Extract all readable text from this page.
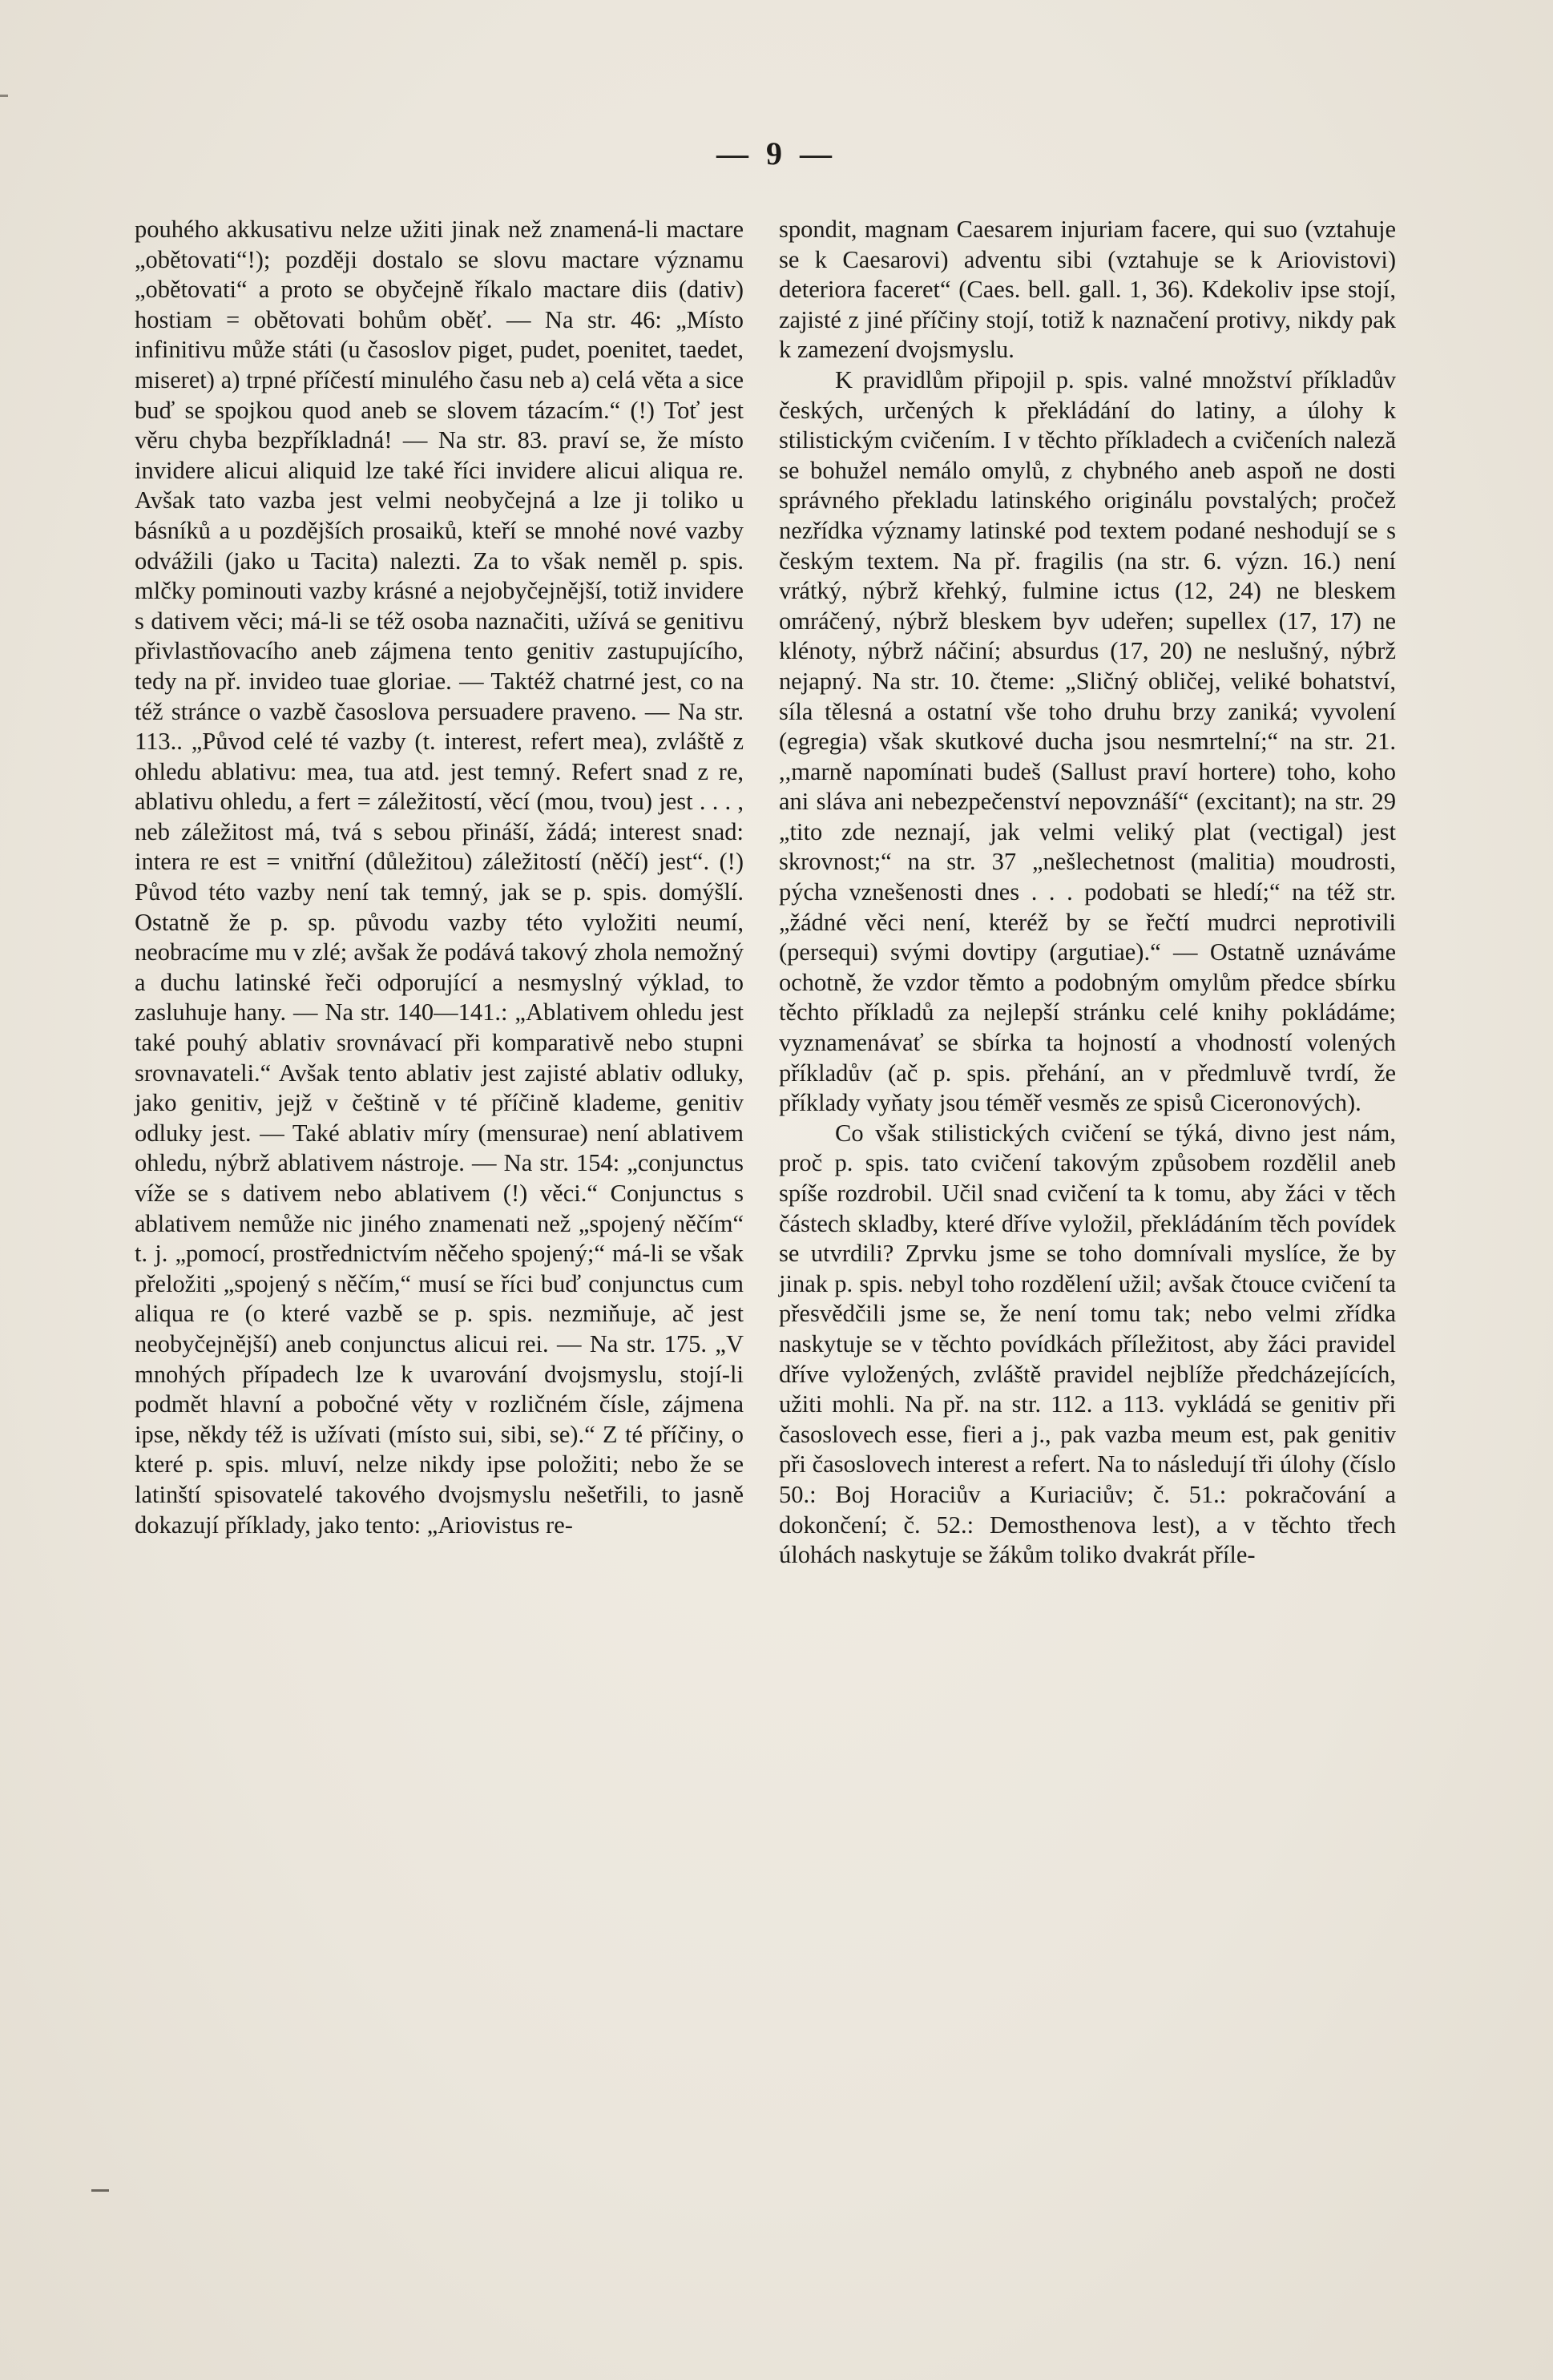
— 9 —

pouhého akkusativu nelze užiti jinak než znamená-li mactare „obětovati“!); později dostalo se slovu mactare významu „obětovati“ a proto se obyčejně říkalo mactare diis (dativ) hostiam = obětovati bohům oběť. — Na str. 46: „Místo infinitivu může státi (u časoslov piget, pudet, poenitet, taedet, miseret) a) trpné příčestí minulého času neb a) celá věta a sice buď se spojkou quod aneb se slovem tázacím.“ (!) Toť jest věru chyba bezpříkladná! — Na str. 83. praví se, že místo invidere alicui aliquid lze také říci invidere alicui aliqua re. Avšak tato vazba jest velmi neobyčejná a lze ji toliko u básníků a u pozdějších prosaiků, kteří se mnohé nové vazby odvážili (jako u Tacita) nalezti. Za to však neměl p. spis. mlčky pominouti vazby krásné a nejobyčejnější, totiž invidere s dativem věci; má-li se též osoba naznačiti, užívá se genitivu přivlastňovacího aneb zájmena tento genitiv zastupujícího, tedy na př. invideo tuae gloriae. — Taktéž chatrné jest, co na též stránce o vazbě časoslova persuadere praveno. — Na str. 113.. „Původ celé té vazby (t. interest, refert mea), zvláště z ohledu ablativu: mea, tua atd. jest temný. Refert snad z re, ablativu ohledu, a fert = záležitostí, věcí (mou, tvou) jest . . . , neb záležitost má, tvá s sebou přináší, žádá; interest snad: intera re est = vnitřní (důležitou) záležitostí (něčí) jest“. (!) Původ této vazby není tak temný, jak se p. spis. domýšlí. Ostatně že p. sp. původu vazby této vyložiti neumí, neobracíme mu v zlé; avšak že podává takový zhola nemožný a duchu latinské řeči odporující a nesmyslný výklad, to zasluhuje hany. — Na str. 140—141.: „Ablativem ohledu jest také pouhý ablativ srovnávací při komparativě nebo stupni srovnavateli.“ Avšak tento ablativ jest zajisté ablativ odluky, jako genitiv, jejž v češtině v té příčině klademe, genitiv odluky jest. — Také ablativ míry (mensurae) není ablativem ohledu, nýbrž ablativem nástroje. — Na str. 154: „conjunctus víže se s dativem nebo ablativem (!) věci.“ Conjunctus s ablativem nemůže nic jiného znamenati než „spojený něčím“ t. j. „pomocí, prostřednictvím něčeho spojený;“ má-li se však přeložiti „spojený s něčím,“ musí se říci buď conjunctus cum aliqua re (o které vazbě se p. spis. nezmiňuje, ač jest neobyčejnější) aneb conjunctus alicui rei. — Na str. 175. „V mnohých případech lze k uvarování dvojsmyslu, stojí-li podmět hlavní a pobočné věty v rozličném čísle, zájmena ipse, někdy též is užívati (místo sui, sibi, se).“ Z té příčiny, o které p. spis. mluví, nelze nikdy ipse položiti; nebo že se latinští spisovatelé takového dvojsmyslu nešetřili, to jasně dokazují příklady, jako tento: „Ariovistus re-

spondit, magnam Caesarem injuriam facere, qui suo (vztahuje se k Caesarovi) adventu sibi (vztahuje se k Ariovistovi) deteriora faceret“ (Caes. bell. gall. 1, 36). Kdekoliv ipse stojí, zajisté z jiné příčiny stojí, totiž k naznačení protivy, nikdy pak k zamezení dvojsmyslu.

K pravidlům připojil p. spis. valné množství příkladův českých, určených k překládání do latiny, a úlohy k stilistickým cvičením. I v těchto příkladech a cvičeních naleză se bohužel nemálo omylů, z chybného aneb aspoň ne dosti správného překladu latinského originálu povstalých; pročež nezřídka významy latinské pod textem podané neshodují se s českým textem. Na př. fragilis (na str. 6. význ. 16.) není vrátký, nýbrž křehký, fulmine ictus (12, 24) ne bleskem omráčený, nýbrž bleskem byv udeřen; supellex (17, 17) ne klénoty, nýbrž náčiní; absurdus (17, 20) ne neslušný, nýbrž nejapný. Na str. 10. čteme: „Sličný obličej, veliké bohatství, síla tělesná a ostatní vše toho druhu brzy zaniká; vyvolení (egregia) však skutkové ducha jsou nesmrtelní;“ na str. 21. ,,marně napomínati budeš (Sallust praví hortere) toho, koho ani sláva ani nebezpečenství nepovznáší“ (excitant); na str. 29 „tito zde neznají, jak velmi veliký plat (vectigal) jest skrovnost;“ na str. 37 „nešlechetnost (malitia) moudrosti, pýcha vznešenosti dnes . . . podobati se hledí;“ na též str. „žádné věci není, kteréž by se řečtí mudrci neprotivili (persequi) svými dovtipy (argutiae).“ — Ostatně uznáváme ochotně, že vzdor těmto a podobným omylům předce sbírku těchto příkladů za nejlepší stránku celé knihy pokládáme; vyznamenávať se sbírka ta hojností a vhodností volených příkladův (ač p. spis. přehání, an v předmluvě tvrdí, že příklady vyňaty jsou téměř vesměs ze spisů Ciceronových).

Co však stilistických cvičení se týká, divno jest nám, proč p. spis. tato cvičení takovým způsobem rozdělil aneb spíše rozdrobil. Učil snad cvičení ta k tomu, aby žáci v těch částech skladby, které dříve vyložil, překládáním těch povídek se utvrdili? Zprvku jsme se toho domnívali myslíce, že by jinak p. spis. nebyl toho rozdělení užil; avšak čtouce cvičení ta přesvědčili jsme se, že není tomu tak; nebo velmi zřídka naskytuje se v těchto povídkách příležitost, aby žáci pravidel dříve vyložených, zvláště pravidel nejblíže předcházejících, užiti mohli. Na př. na str. 112. a 113. vykládá se genitiv při časoslovech esse, fieri a j., pak vazba meum est, pak genitiv při časoslovech interest a refert. Na to následují tři úlohy (číslo 50.: Boj Horaciův a Kuriaciův; č. 51.: pokračování a dokončení; č. 52.: Demosthenova lest), a v těchto třech úlohách naskytuje se žákům toliko dvakrát příle-
